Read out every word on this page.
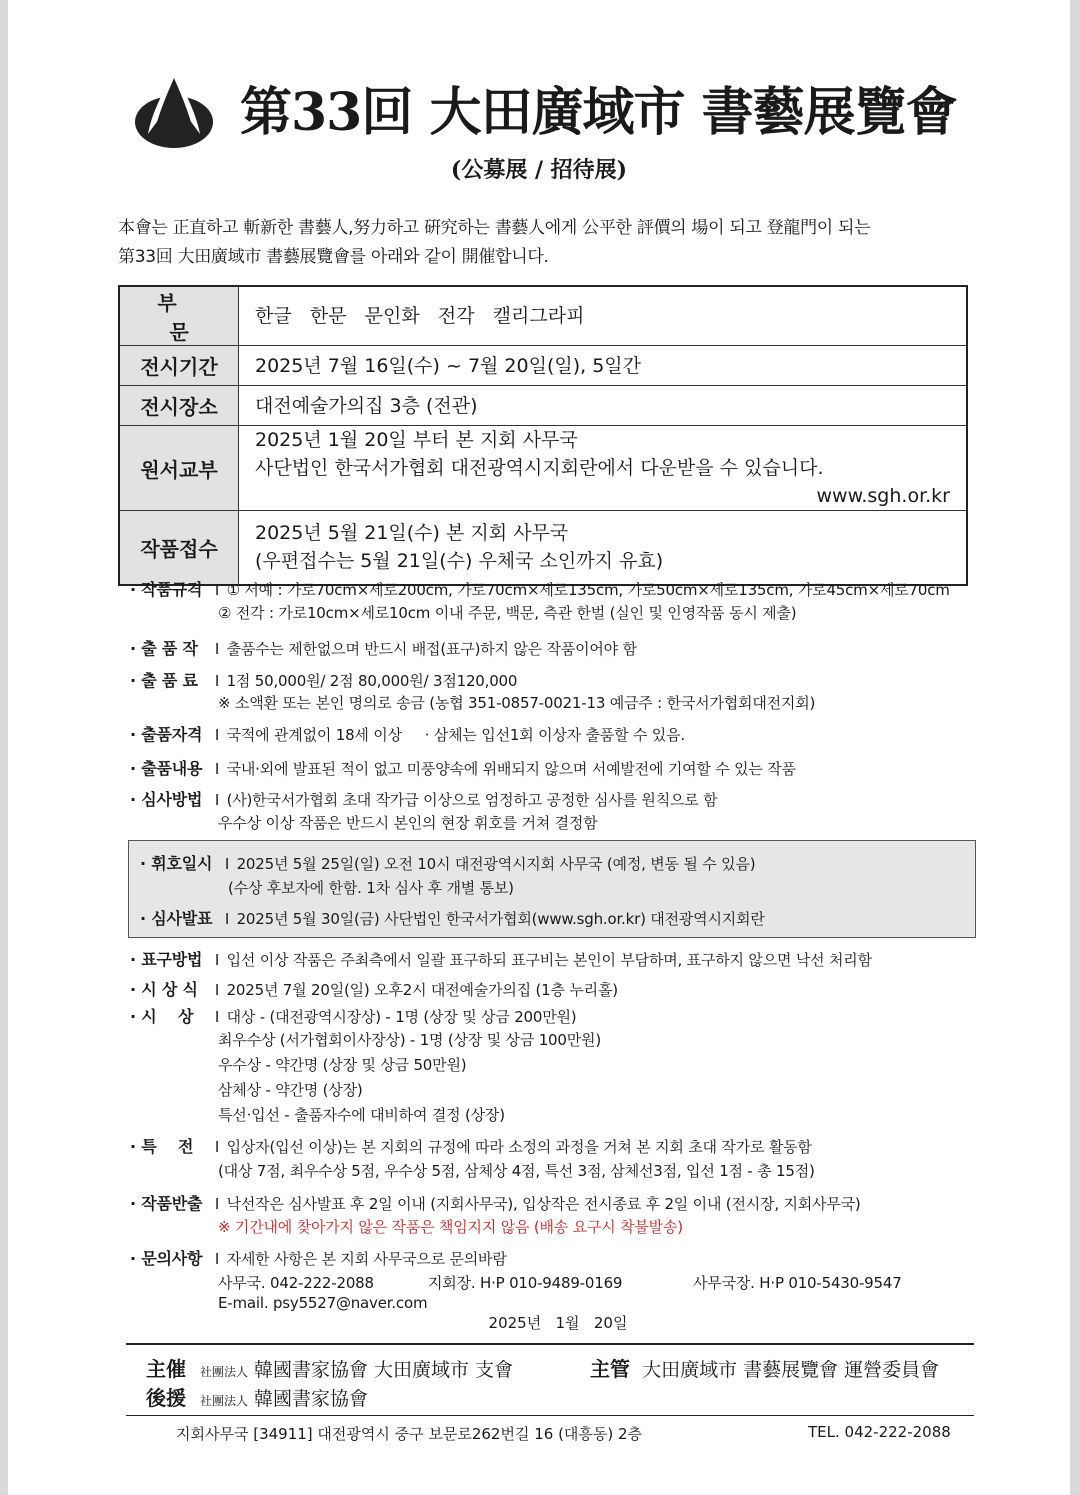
第33回 大田廣域市 書藝展覽會
(公募展 / 招待展)
本會는 正直하고 斬新한 書藝人,努力하고 硏究하는 書藝人에게 公平한 評價의 場이 되고 登龍門이 되는
第33回 大田廣域市 書藝展覽會를 아래와 같이 開催합니다.
부 문	한글   한문   문인화   전각   캘리그라피
전시기간	2025년 7월 16일(수) ~ 7월 20일(일), 5일간
전시장소	대전예술가의집 3층 (전관)
원서교부	2025년 1월 20일 부터 본 지회 사무국
사단법인 한국서가협회 대전광역시지회란에서 다운받을 수 있습니다.
www.sgh.or.kr

작품접수	2025년 5월 21일(수) 본 지회 사무국
(우편접수는 5월 21일(수) 우체국 소인까지 유효)
· 작품규격 I ① 서예 : 가로70cm×세로200cm, 가로70cm×세로135cm, 가로50cm×세로135cm, 가로45cm×세로70cm
② 전각 : 가로10cm×세로10cm 이내 주문, 백문, 측관 한벌 (실인 및 인영작품 동시 제출)
· 출 품 작 I 출품수는 제한없으며 반드시 배접(표구)하지 않은 작품이어야 함
· 출 품 료 I 1점 50,000원/ 2점 80,000원/ 3점120,000
※ 소액환 또는 본인 명의로 송금 (농협 351-0857-0021-13 예금주 : 한국서가협회대전지회)
· 출품자격 I 국적에 관계없이 18세 이상     · 삼체는 입선1회 이상자 출품할 수 있음.
· 출품내용 I 국내·외에 발표된 적이 없고 미풍양속에 위배되지 않으며 서예발전에 기여할 수 있는 작품
· 심사방법 I (사)한국서가협회 초대 작가급 이상으로 엄정하고 공정한 심사를 원칙으로 함
우수상 이상 작품은 반드시 본인의 현장 휘호를 거쳐 결정함
· 휘호일시 I 2025년 5월 25일(일) 오전 10시 대전광역시지회 사무국 (예정, 변동 될 수 있음)
(수상 후보자에 한함. 1차 심사 후 개별 통보)
· 심사발표 I 2025년 5월 30일(금) 사단법인 한국서가협회(www.sgh.or.kr) 대전광역시지회란
· 표구방법 I 입선 이상 작품은 주최측에서 일괄 표구하되 표구비는 본인이 부담하며, 표구하지 않으면 낙선 처리함
· 시 상 식 I 2025년 7월 20일(일) 오후2시 대전예술가의집 (1층 누리홀)
· 시    상 I 대상 - (대전광역시장상) - 1명 (상장 및 상금 200만원)
최우수상 (서가협회이사장상) - 1명 (상장 및 상금 100만원)
우수상 - 약간명 (상장 및 상금 50만원)
삼체상 - 약간명 (상장)
특선·입선 - 출품자수에 대비하여 결정 (상장)
· 특    전 I 입상자(입선 이상)는 본 지회의 규정에 따라 소정의 과정을 거쳐 본 지회 초대 작가로 활동함
(대상 7점, 최우수상 5점, 우수상 5점, 삼체상 4점, 특선 3점, 삼체선3점, 입선 1점 - 총 15점)
· 작품반출 I 낙선작은 심사발표 후 2일 이내 (지회사무국), 입상작은 전시종료 후 2일 이내 (전시장, 지회사무국)
※ 기간내에 찾아가지 않은 작품은 책임지지 않음 (배송 요구시 착불발송)
· 문의사항 I 자세한 사항은 본 지회 사무국으로 문의바람
사무국. 042-222-2088	지회장. H·P 010-9489-0169	사무국장. H·P 010-5430-9547
E-mail. psy5527@naver.com
2025년   1월   20일
主催 社團法人 韓國書家協會 大田廣域市 支會	主管 大田廣域市 書藝展覽會 運營委員會
後援 社團法人 韓國書家協會
지회사무국 [34911] 대전광역시 중구 보문로262번길 16 (대흥동) 2층	TEL. 042-222-2088
